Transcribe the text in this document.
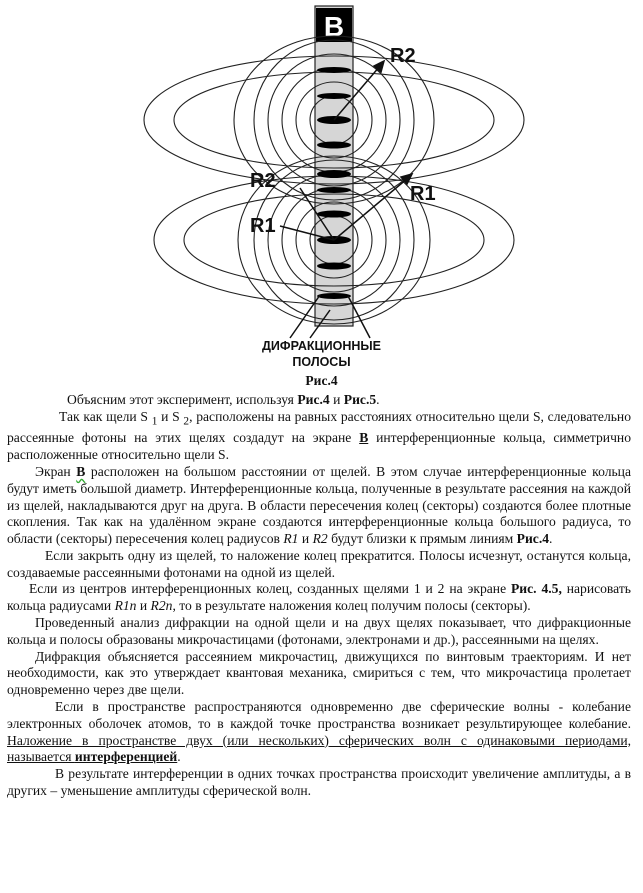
B
R2
R2
R1
R1
ДИФРАКЦИОННЫЕ
ПОЛОСЫ
Рис.4

Объясним этот эксперимент, используя Рис.4 и Рис.5.

Так как щели S $_1$ и S $_2$, расположены на равных расстояниях относительно щели S, следовательно рассеянные фотоны на этих щелях создадут на экране B интерференционные кольца, симметрично расположенные относительно щели S.

Экран B расположен на большом расстоянии от щелей. В этом случае интерференционные кольца будут иметь большой диаметр. Интерференционные кольца, полученные в результате рассеяния на каждой из щелей, накладываются друг на друга. В области пересечения колец (секторы) создаются более плотные скопления. Так как на удалённом экране создаются интерференционные кольца большого радиуса, то области (секторы) пересечения колец радиусов R1 и R2 будут близки к прямым линиям Рис.4.

Если закрыть одну из щелей, то наложение колец прекратится. Полосы исчезнут, останутся кольца, создаваемые рассеянными фотонами на одной из щелей.

Если из центров интерференционных колец, созданных щелями 1 и 2 на экране Рис. 4.5, нарисовать кольца радиусами R1n и R2n, то в результате наложения колец получим полосы (секторы).

Проведенный анализ дифракции на одной щели и на двух щелях показывает, что дифракционные кольца и полосы образованы микрочастицами (фотонами, электронами и др.), рассеянными на щелях.

Дифракция объясняется рассеянием микрочастиц, движущихся по винтовым траекториям. И нет необходимости, как это утверждает квантовая механика, смириться с тем, что микрочастица пролетает одновременно через две щели.

Если в пространстве распространяются одновременно две сферические волны - колебание электронных оболочек атомов, то в каждой точке пространства возникает результирующее колебание. Наложение в пространстве двух (или нескольких) сферических волн с одинаковыми периодами, называется интерференцией.

В результате интерференции в одних точках пространства происходит увеличение амплитуды, а в других – уменьшение амплитуды сферической волн.
